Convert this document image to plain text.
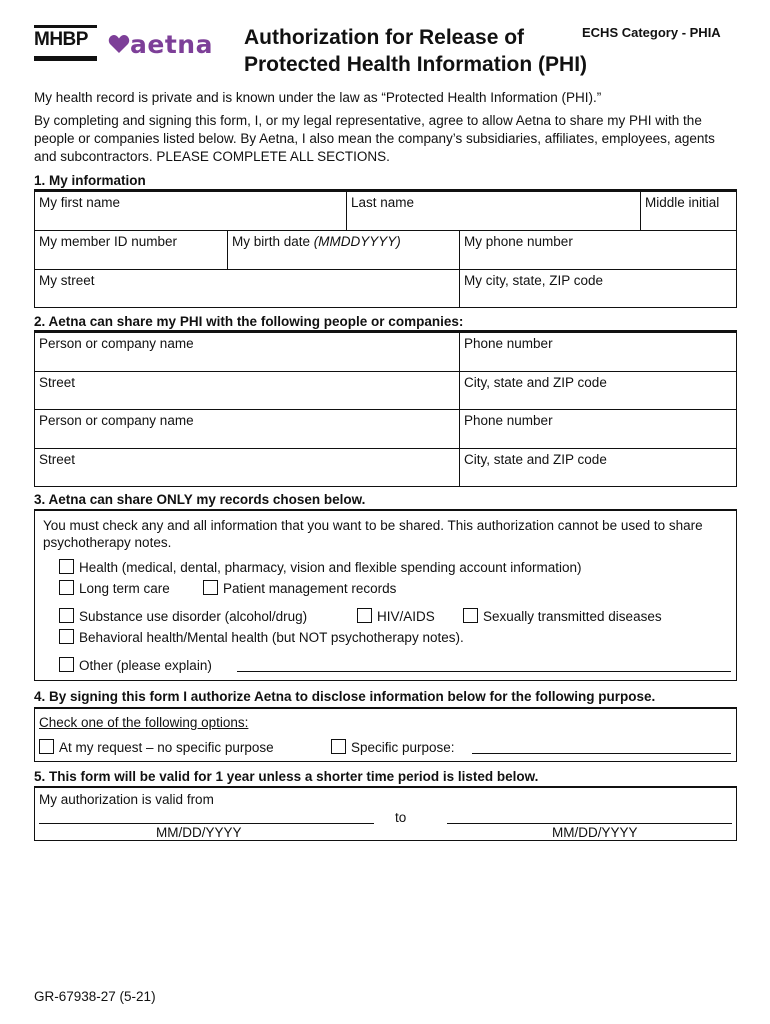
MHBP	aetna Authorization for Release of
Protected Health Information (PHI)
ECHS Category - PHIA
My health record is private and is known under the law as “Protected Health Information (PHI).”
By completing and signing this form, I, or my legal representative, agree to allow Aetna to share my PHI with the people or companies listed below. By Aetna, I also mean the company’s subsidiaries, affiliates, employees, agents and subcontractors. PLEASE COMPLETE ALL SECTIONS.
1. My information
My first name	Last name	Middle initial
My member ID number	My birth date (MMDDYYYY)	My phone number
My street	My city, state, ZIP code
2. Aetna can share my PHI with the following people or companies:
Person or company name	Phone number
Street	City, state and ZIP code
Person or company name	Phone number
Street	City, state and ZIP code
3. Aetna can share ONLY my records chosen below.
You must check any and all information that you want to be shared. This authorization cannot be used to share psychotherapy notes.
Health (medical, dental, pharmacy, vision and flexible spending account information)
Long term care	Patient management records
Substance use disorder (alcohol/drug)	HIV/AIDS	Sexually transmitted diseases
Behavioral health/Mental health (but NOT psychotherapy notes).
Other (please explain)
4. By signing this form I authorize Aetna to disclose information below for the following purpose.
Check one of the following options:
At my request – no specific purpose	Specific purpose:
5. This form will be valid for 1 year unless a shorter time period is listed below.
My authorization is valid from
to
MM/DD/YYYY	MM/DD/YYYY
GR-67938-27 (5-21)
